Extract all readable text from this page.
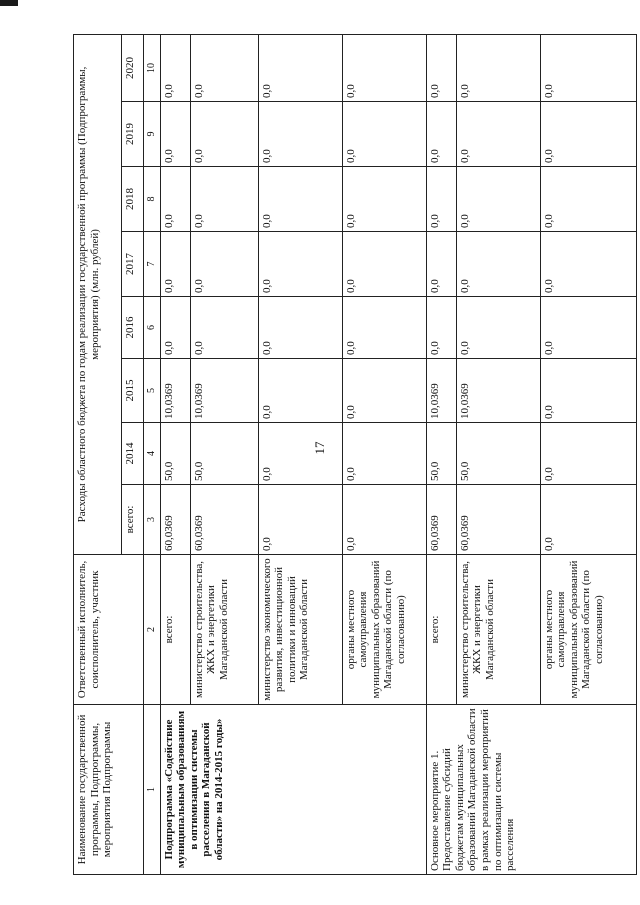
17
Наименование государственной программы, Подпрограммы, мероприятия Подпрограммы	Ответственный исполнитель, соисполнитель, участник	Расходы областного бюджета по годам реализации государственной программы (Подпрограммы, мероприятия) (млн. рублей)							
		всего:	2014	2015	2016	2017	2018	2019	2020
1	2	3	4	5	6	7	8	9	10
Подпрограмма «Содействие муниципальным образованиям в оптимизации системы расселения в Магаданской области» на 2014-2015 годы»	всего:	60,0369	50,0	10,0369	0,0	0,0	0,0	0,0	0,0
	министерство строительства, ЖКХ и энергетики Магаданской области	60,0369	50,0	10,0369	0,0	0,0	0,0	0,0	0,0
	министерство экономического развития, инвестиционной политики и инноваций Магаданской области	0,0	0,0	0,0	0,0	0,0	0,0	0,0	0,0
	органы местного самоуправления муниципальных образований Магаданской области (по согласованию)	0,0	0,0	0,0	0,0	0,0	0,0	0,0	0,0
Основное мероприятие 1. Предоставление субсидий бюджетам муниципальных образований Магаданской области в рамках реализации мероприятий по оптимизации системы расселения	всего:	60,0369	50,0	10,0369	0,0	0,0	0,0	0,0	0,0
	министерство строительства, ЖКХ и энергетики Магаданской области	60,0369	50,0	10,0369	0,0	0,0	0,0	0,0	0,0
	органы местного самоуправления муниципальных образований Магаданской области (по согласованию)	0,0	0,0	0,0	0,0	0,0	0,0	0,0	0,0
